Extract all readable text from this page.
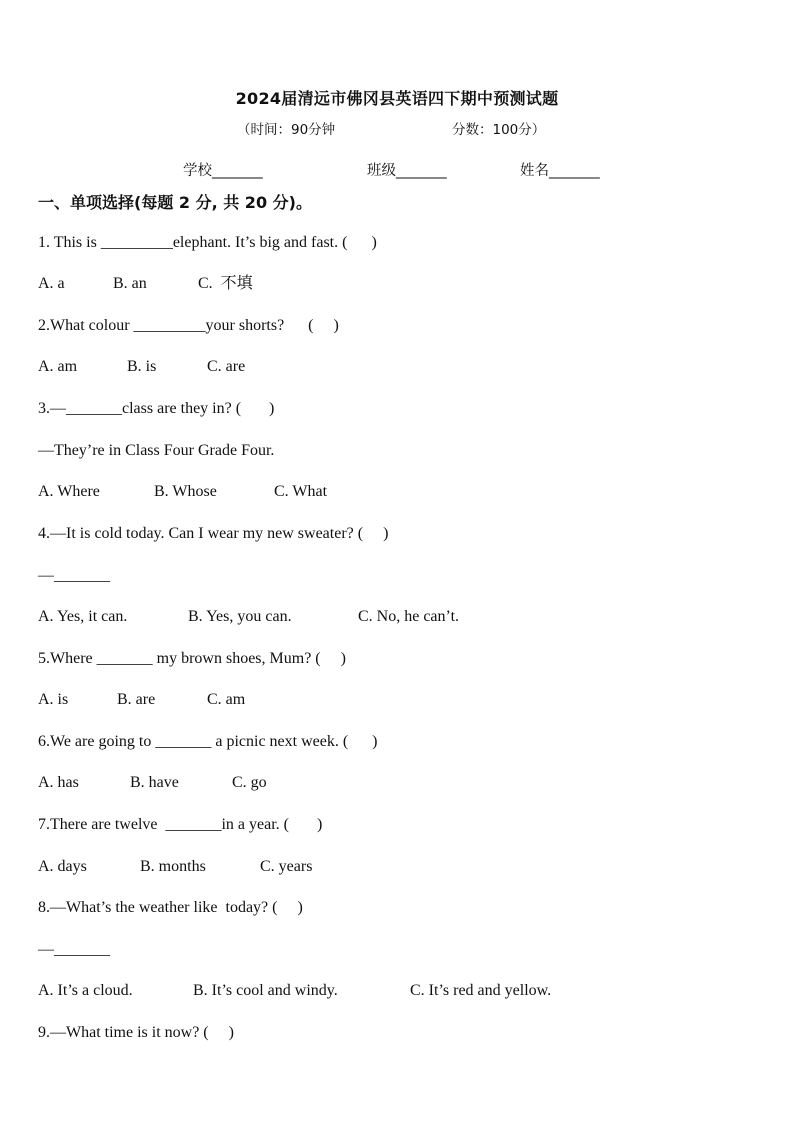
2024届清远市佛冈县英语四下期中预测试题
（时间：90分钟	分数：100分）
学校_______	班级_______	姓名_______
一、单项选择(每题 2 分, 共 20 分)。
1. This is _________elephant. It’s big and fast. (      )
A. a	B. an	C.  不填
2.What colour _________your shorts?      (     )
A. am	B. is	C. are
3.—_______class are they in? (       )
—They’re in Class Four Grade Four.
A. Where	B. Whose	C. What
4.—It is cold today. Can I wear my new sweater? (     )
—_______
A. Yes, it can.	B. Yes, you can.	C. No, he can’t.
5.Where _______ my brown shoes, Mum? (     )
A. is	B. are	C. am
6.We are going to _______ a picnic next week. (      )
A. has	B. have	C. go
7.There are twelve  _______in a year. (       )
A. days	B. months	C. years
8.—What’s the weather like  today? (     )
—_______
A. It’s a cloud.	B. It’s cool and windy.	C. It’s red and yellow.
9.—What time is it now? (     )
